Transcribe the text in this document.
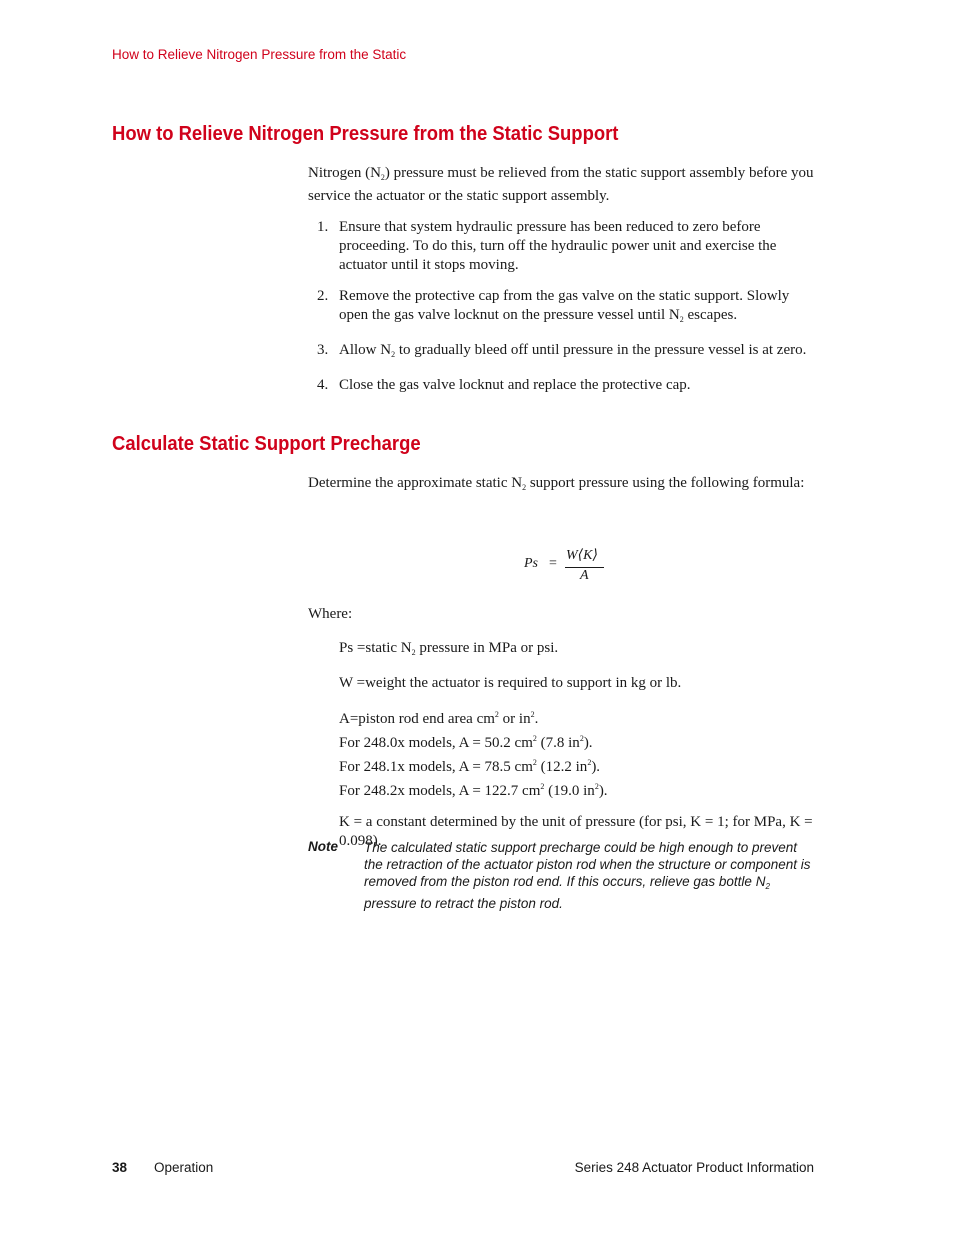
How to Relieve Nitrogen Pressure from the Static
How to Relieve Nitrogen Pressure from the Static Support
Nitrogen $(N_2)$ pressure must be relieved from the static support assembly before you service the actuator or the static support assembly.
1. Ensure that system hydraulic pressure has been reduced to zero before proceeding. To do this, turn off the hydraulic power unit and exercise the actuator until it stops moving.
2. Remove the protective cap from the gas valve on the static support. Slowly open the gas valve locknut on the pressure vessel until $N_2$ escapes.
3. Allow $N_2$ to gradually bleed off until pressure in the pressure vessel is at zero.
4. Close the gas valve locknut and replace the protective cap.
Calculate Static Support Precharge
Determine the approximate static $N_2$ support pressure using the following formula:
Ps =
W⟨K⟩
A
Where:

Ps =static $N_2$ pressure in MPa or psi.

W =weight the actuator is required to support in kg or lb.

A=piston rod end area $cm^2$ or $in^2$.
For 248.0x models, A = 50.2 $cm^2$ (7.8 $in^2$).
For 248.1x models, A = 78.5 $cm^2$ (12.2 $in^2$).
For 248.2x models, A = 122.7 $cm^2$ (19.0 $in^2$).

K = a constant determined by the unit of pressure (for psi, K = 1; for MPa, K = 0.098).

Note The calculated static support precharge could be high enough to prevent the retraction of the actuator piston rod when the structure or component is removed from the piston rod end. If this occurs, relieve gas bottle $N_2$ pressure to retract the piston rod.
38 Operation	Series 248 Actuator Product Information
